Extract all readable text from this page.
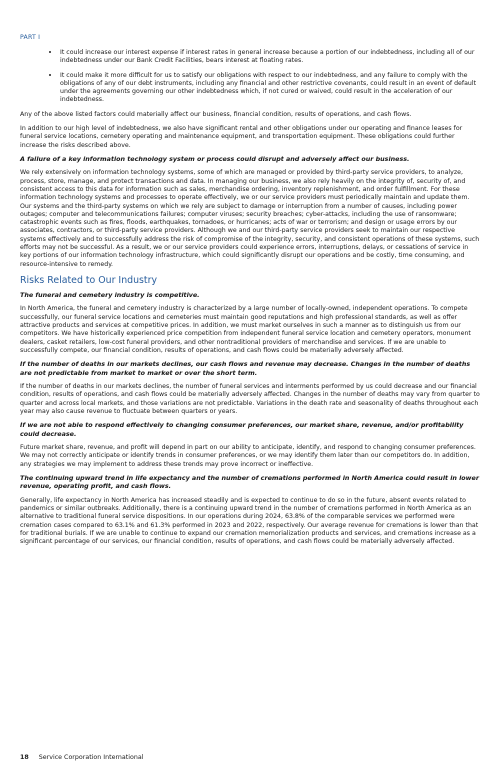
PART I
• It could increase our interest expense if interest rates in general increase because a portion of our indebtedness, including all of our indebtedness under our Bank Credit Facilities, bears interest at floating rates.
• It could make it more difficult for us to satisfy our obligations with respect to our indebtedness, and any failure to comply with the obligations of any of our debt instruments, including any financial and other restrictive covenants, could result in an event of default under the agreements governing our other indebtedness which, if not cured or waived, could result in the acceleration of our indebtedness.

Any of the above listed factors could materially affect our business, financial condition, results of operations, and cash flows.

In addition to our high level of indebtedness, we also have significant rental and other obligations under our operating and finance leases for funeral service locations, cemetery operating and maintenance equipment, and transportation equipment. These obligations could further increase the risks described above.

A failure of a key information technology system or process could disrupt and adversely affect our business.

We rely extensively on information technology systems, some of which are managed or provided by third-party service providers, to analyze, process, store, manage, and protect transactions and data. In managing our business, we also rely heavily on the integrity of, security of, and consistent access to this data for information such as sales, merchandise ordering, inventory replenishment, and order fulfillment. For these information technology systems and processes to operate effectively, we or our service providers must periodically maintain and update them. Our systems and the third-party systems on which we rely are subject to damage or interruption from a number of causes, including power outages; computer and telecommunications failures; computer viruses; security breaches; cyber-attacks, including the use of ransomware; catastrophic events such as fires, floods, earthquakes, tornadoes, or hurricanes; acts of war or terrorism; and design or usage errors by our associates, contractors, or third-party service providers. Although we and our third-party service providers seek to maintain our respective systems effectively and to successfully address the risk of compromise of the integrity, security, and consistent operations of these systems, such efforts may not be successful. As a result, we or our service providers could experience errors, interruptions, delays, or cessations of service in key portions of our information technology infrastructure, which could significantly disrupt our operations and be costly, time consuming, and resource-intensive to remedy.

Risks Related to Our Industry
The funeral and cemetery industry is competitive.

In North America, the funeral and cemetery industry is characterized by a large number of locally-owned, independent operations. To compete successfully, our funeral service locations and cemeteries must maintain good reputations and high professional standards, as well as offer attractive products and services at competitive prices. In addition, we must market ourselves in such a manner as to distinguish us from our competitors. We have historically experienced price competition from independent funeral service location and cemetery operators, monument dealers, casket retailers, low-cost funeral providers, and other nontraditional providers of merchandise and services. If we are unable to successfully compete, our financial condition, results of operations, and cash flows could be materially adversely affected.

If the number of deaths in our markets declines, our cash flows and revenue may decrease. Changes in the number of deaths are not predictable from market to market or over the short term.

If the number of deaths in our markets declines, the number of funeral services and interments performed by us could decrease and our financial condition, results of operations, and cash flows could be materially adversely affected. Changes in the number of deaths may vary from quarter to quarter and across local markets, and those variations are not predictable. Variations in the death rate and seasonality of deaths throughout each year may also cause revenue to fluctuate between quarters or years.

If we are not able to respond effectively to changing consumer preferences, our market share, revenue, and/or profitability could decrease.

Future market share, revenue, and profit will depend in part on our ability to anticipate, identify, and respond to changing consumer preferences. We may not correctly anticipate or identify trends in consumer preferences, or we may identify them later than our competitors do. In addition, any strategies we may implement to address these trends may prove incorrect or ineffective.

The continuing upward trend in life expectancy and the number of cremations performed in North America could result in lower revenue, operating profit, and cash flows.

Generally, life expectancy in North America has increased steadily and is expected to continue to do so in the future, absent events related to pandemics or similar outbreaks. Additionally, there is a continuing upward trend in the number of cremations performed in North America as an alternative to traditional funeral service dispositions. In our operations during 2024, 63.8% of the comparable services we performed were cremation cases compared to 63.1% and 61.3% performed in 2023 and 2022, respectively. Our average revenue for cremations is lower than that for traditional burials. If we are unable to continue to expand our cremation memorialization products and services, and cremations increase as a significant percentage of our services, our financial condition, results of operations, and cash flows could be materially adversely affected.

18 Service Corporation International
